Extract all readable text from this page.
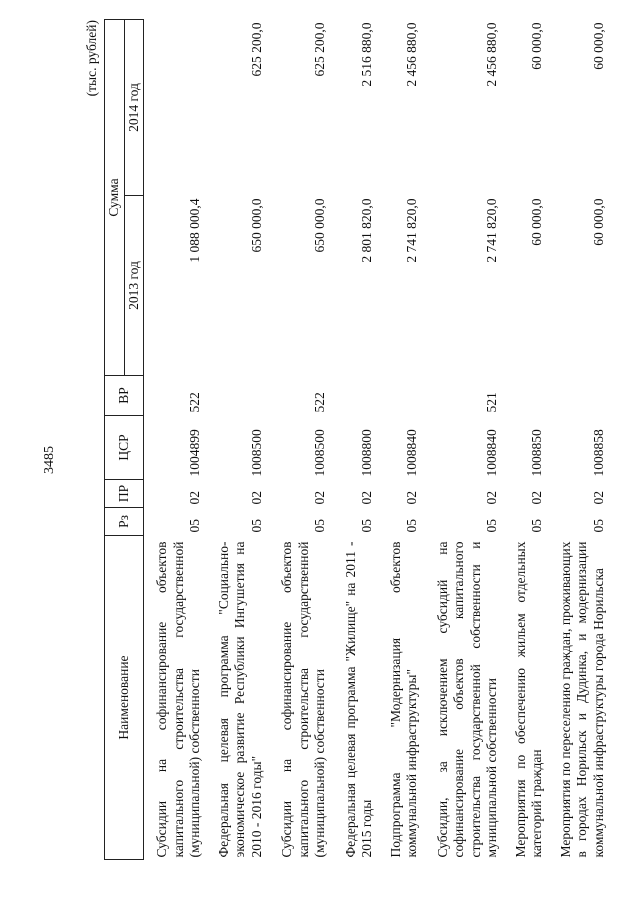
3485
(тыс. рублей)
Наименование	Рз	ПР	ЦСР	ВР	Сумма	
					2013 год	2014 год
Субсидии на софинансирование объектов капитального строительства государственной (муниципальной) собственности	05	02	1004899	522	1 088 000,4	
Федеральная целевая программа "Социально-экономическое развитие Республики Ингушетия на 2010 - 2016 годы"	05	02	1008500		650 000,0	625 200,0
Субсидии на софинансирование объектов капитального строительства государственной (муниципальной) собственности	05	02	1008500	522	650 000,0	625 200,0
Федеральная целевая программа "Жилище" на 2011 - 2015 годы	05	02	1008800		2 801 820,0	2 516 880,0
Подпрограмма "Модернизация объектов коммунальной инфраструктуры"	05	02	1008840		2 741 820,0	2 456 880,0
Субсидии, за исключением субсидий на софинансирование объектов капитального строительства государственной собственности и муниципальной собственности	05	02	1008840	521	2 741 820,0	2 456 880,0
Мероприятия по обеспечению жильем отдельных категорий граждан	05	02	1008850		60 000,0	60 000,0
Мероприятия по переселению граждан, проживающих в городах Норильск и Дудинка, и модернизации коммунальной инфраструктуры города Норильска	05	02	1008858		60 000,0	60 000,0
